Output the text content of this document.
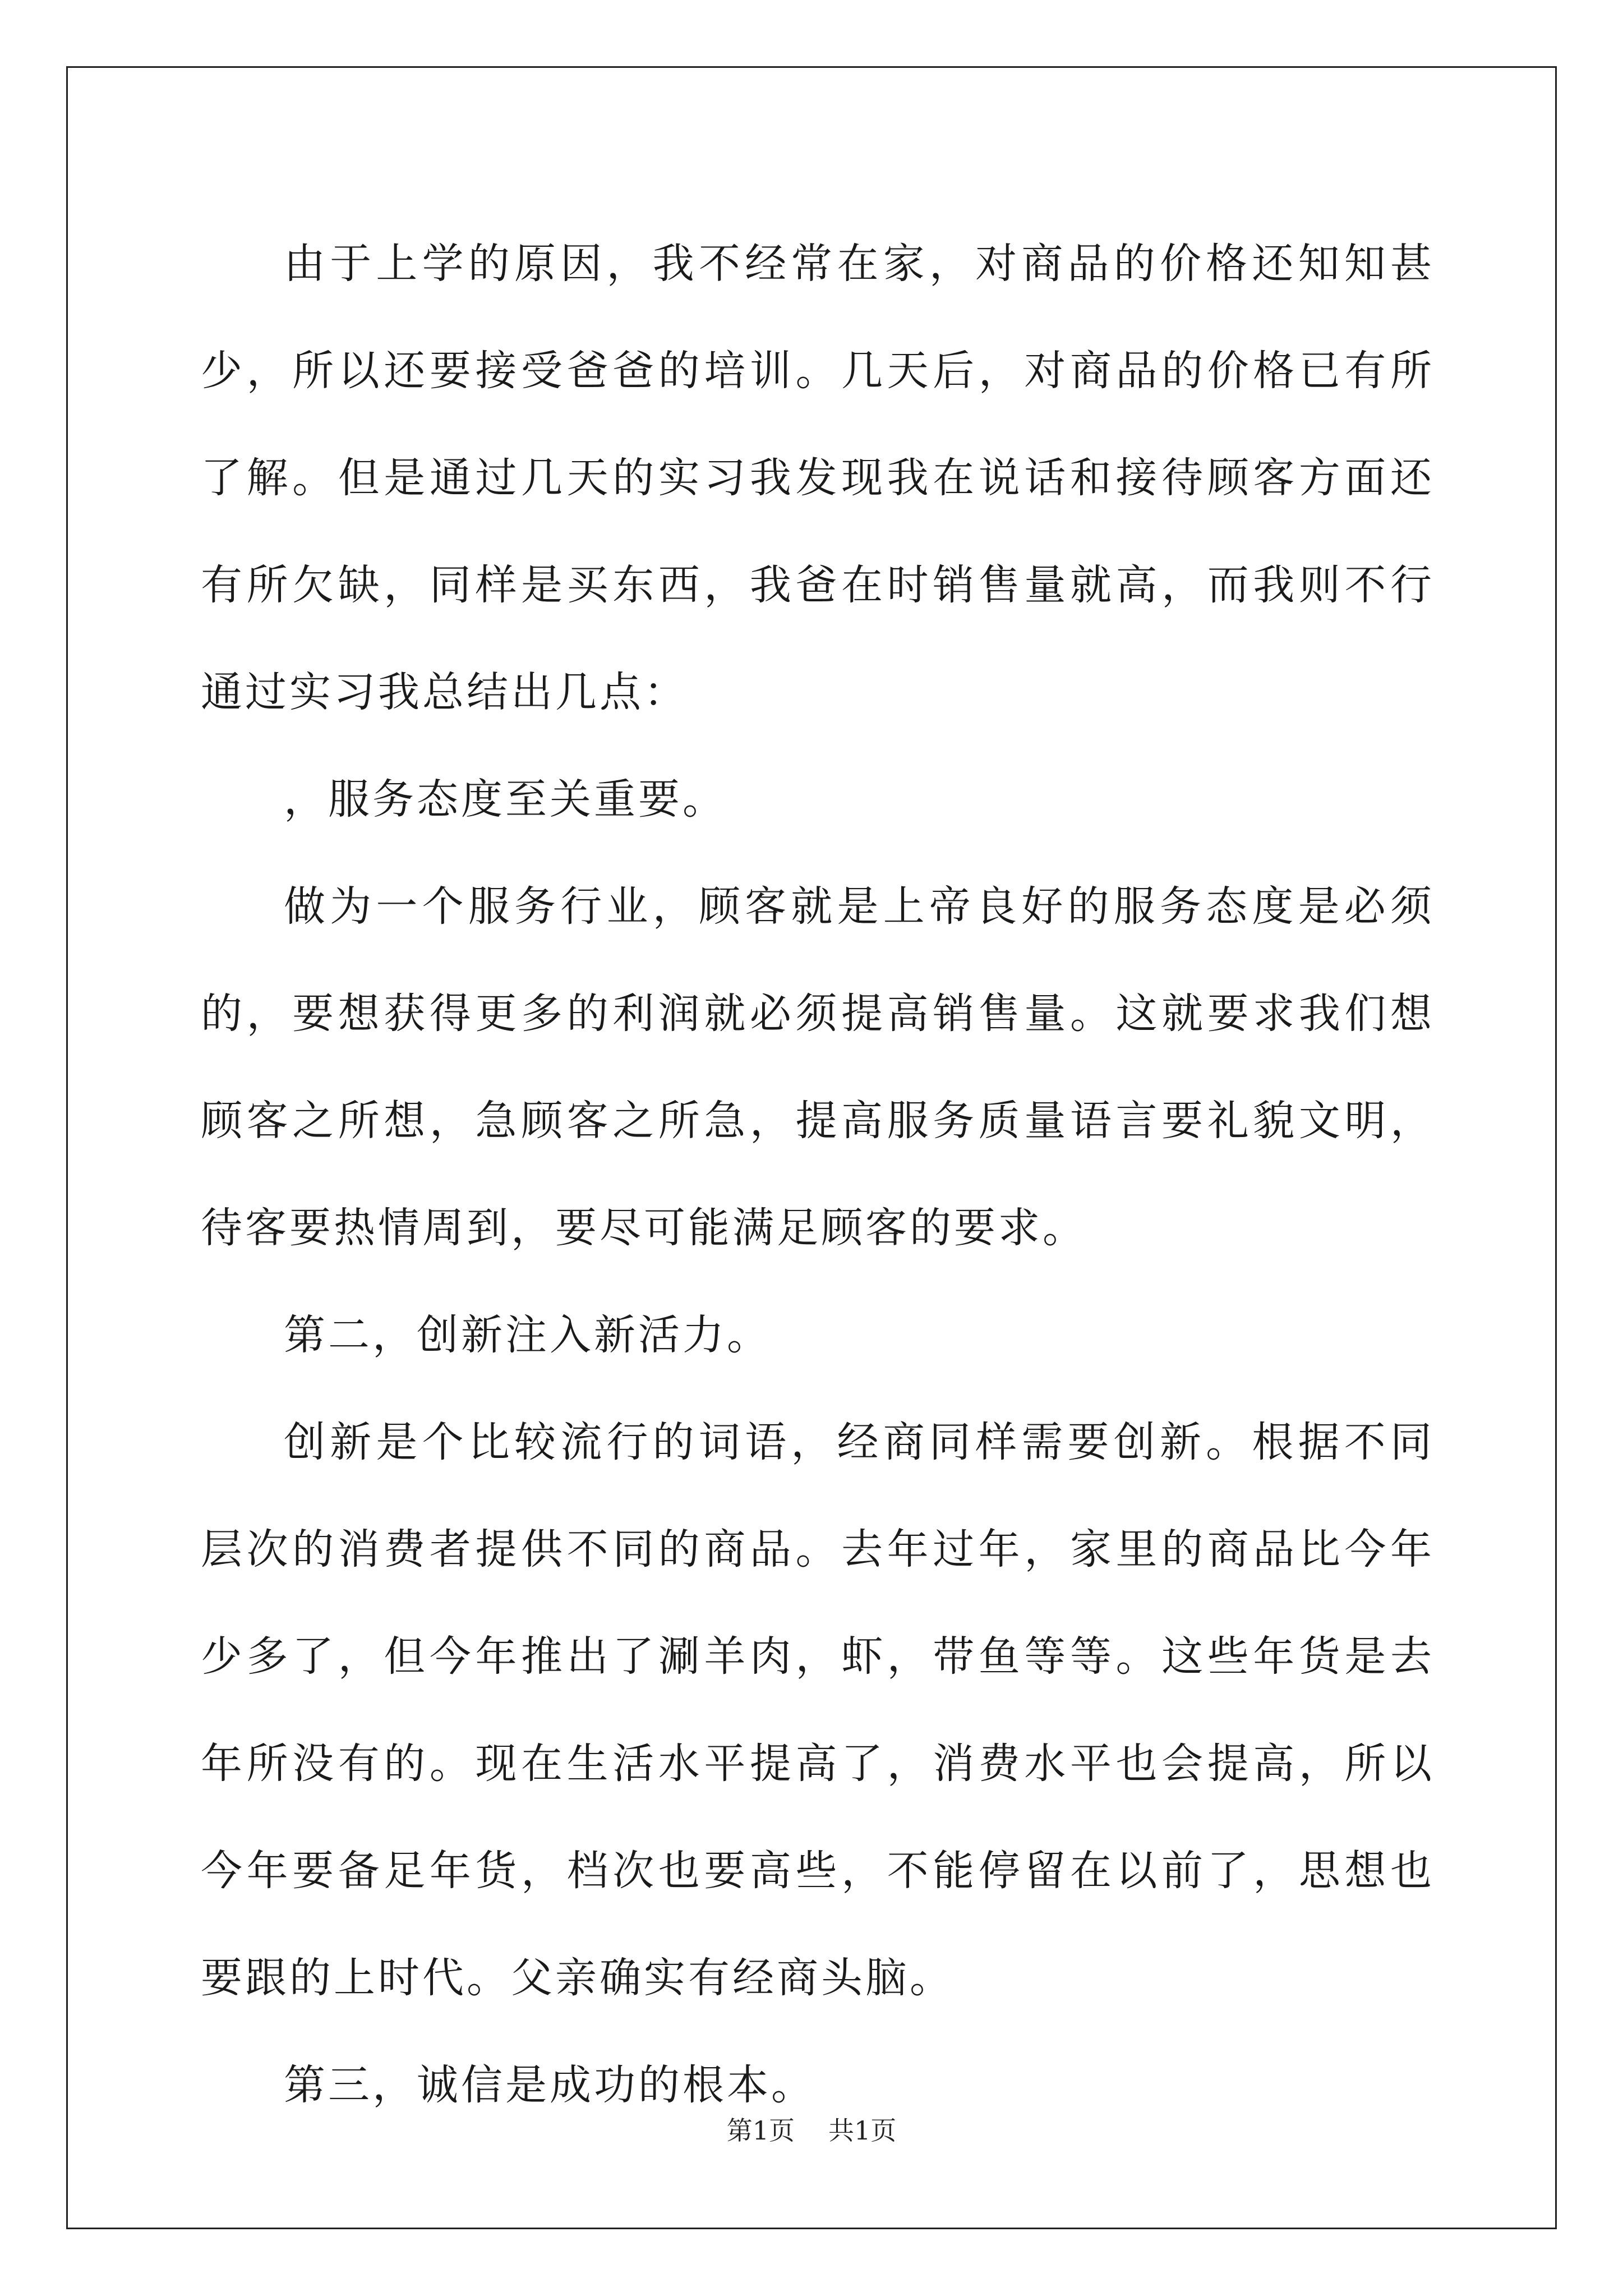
由于上学的原因，我不经常在家，对商品的价格还知知甚少，所以还要接受爸爸的培训。几天后，对商品的价格已有所了解。但是通过几天的实习我发现我在说话和接待顾客方面还有所欠缺，同样是买东西，我爸在时销售量就高，而我则不行通过实习我总结出几点：

，服务态度至关重要。

做为一个服务行业，顾客就是上帝良好的服务态度是必须的，要想获得更多的利润就必须提高销售量。这就要求我们想顾客之所想，急顾客之所急，提高服务质量语言要礼貌文明，待客要热情周到，要尽可能满足顾客的要求。

第二，创新注入新活力。

创新是个比较流行的词语，经商同样需要创新。根据不同层次的消费者提供不同的商品。去年过年，家里的商品比今年少多了，但今年推出了涮羊肉，虾，带鱼等等。这些年货是去年所没有的。现在生活水平提高了，消费水平也会提高，所以今年要备足年货，档次也要高些，不能停留在以前了，思想也要跟的上时代。父亲确实有经商头脑。

第三，诚信是成功的根本。

第1页 共1页
